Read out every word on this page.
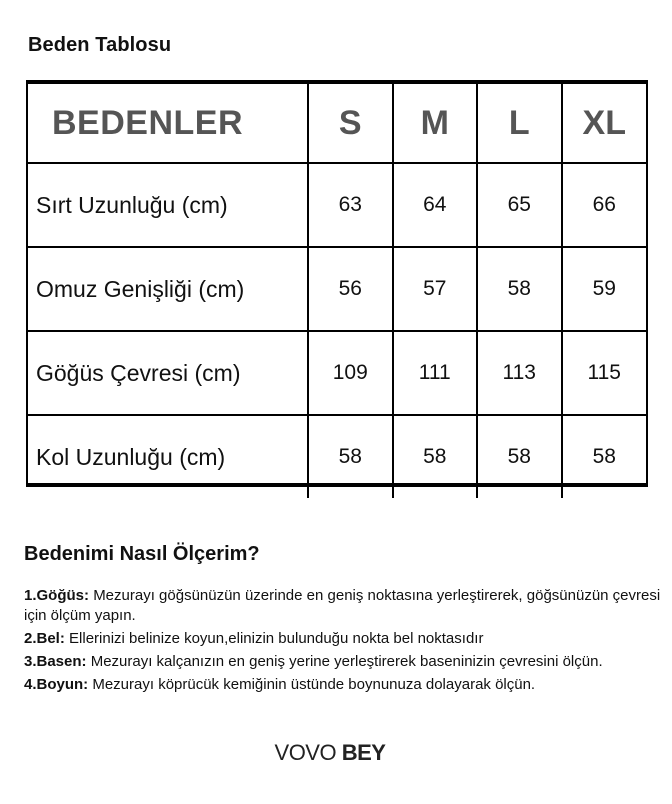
Beden Tablosu
BEDENLER	S	M	L	XL
Sırt Uzunluğu (cm)	63	64	65	66
Omuz Genişliği (cm)	56	57	58	59
Göğüs Çevresi (cm)	109	111	113	115
Kol Uzunluğu (cm)	58	58	58	58
Bedenimi Nasıl Ölçerim?
1.Göğüs: Mezurayı göğsünüzün üzerinde en geniş noktasına yerleştirerek, göğsünüzün çevresi için ölçüm yapın.
2.Bel: Ellerinizi belinize koyun,elinizin bulunduğu nokta bel noktasıdır
3.Basen: Mezurayı kalçanızın en geniş yerine yerleştirerek baseninizin çevresini ölçün.
4.Boyun: Mezurayı köprücük kemiğinin üstünde boynunuza dolayarak ölçün.
VOVO BEY
